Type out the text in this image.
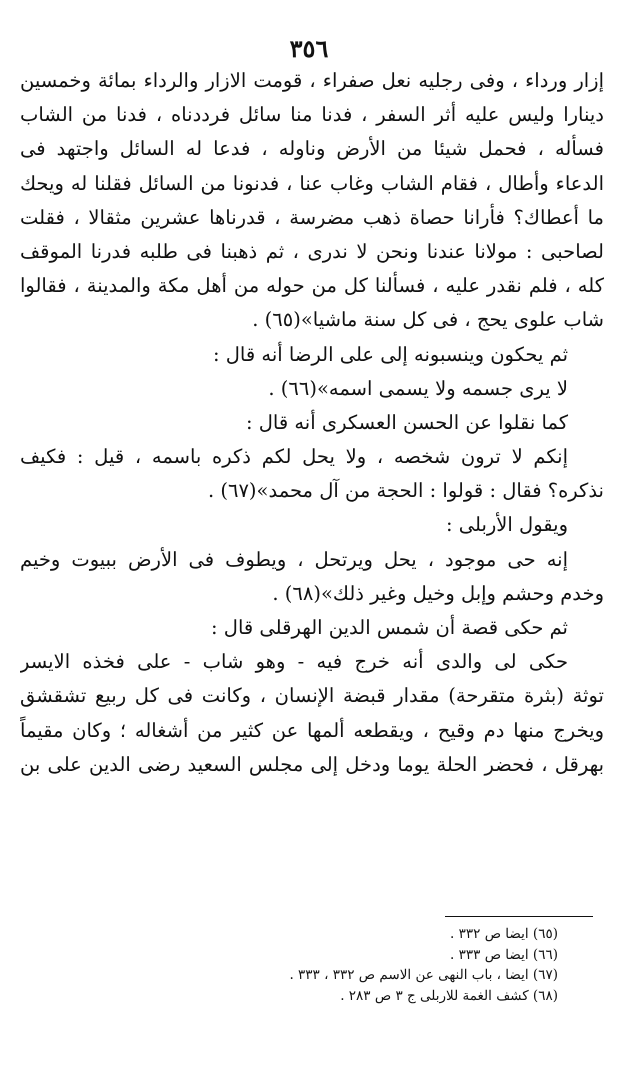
٣٥٦
إزار ورداء ، وفى رجليه نعل صفراء ، قومت الازار والرداء بمائة وخمسين
دينارا وليس عليه أثر السفر ، فدنا منا سائل فرددناه ، فدنا من الشاب
فسأله ، فحمل شيئا من الأرض وناوله ، فدعا له السائل واجتهد فى
الدعاء وأطال ، فقام الشاب وغاب عنا ، فدنونا من السائل فقلنا له ويحك
ما أعطاك؟ فأرانا حصاة ذهب مضرسة ، قدرناها عشرين مثقالا ، فقلت
لصاحبى : مولانا عندنا ونحن لا ندرى ، ثم ذهبنا فى طلبه فدرنا الموقف
كله ، فلم نقدر عليه ، فسألنا كل من حوله من أهل مكة والمدينة ، فقالوا
شاب علوى يحج ، فى كل سنة ماشيا»(٦٥) .
ثم يحكون وينسبونه إلى على الرضا أنه قال :
لا يرى جسمه ولا يسمى اسمه»(٦٦) .
كما نقلوا عن الحسن العسكرى أنه قال :
إنكم لا ترون شخصه ، ولا يحل لكم ذكره باسمه ، قيل : فكيف
نذكره؟ فقال : قولوا : الحجة من آل محمد»(٦٧) .
ويقول الأربلى :
إنه حى موجود ، يحل ويرتحل ، ويطوف فى الأرض ببيوت وخيم
وخدم وحشم وإبل وخيل وغير ذلك»(٦٨) .
ثم حكى قصة أن شمس الدين الهرقلى قال :
حكى لى والدى أنه خرج فيه - وهو شاب - على فخذه الايسر
توثة (بثرة متقرحة) مقدار قبضة الإنسان ، وكانت فى كل ربيع تشقشق
ويخرج منها دم وقيح ، ويقطعه ألمها عن كثير من أشغاله ؛ وكان مقيماً
بهرقل ، فحضر الحلة يوما ودخل إلى مجلس السعيد رضى الدين على بن
(٦٥) ايضا ص ٣٣٢ .
(٦٦) ايضا ص ٣٣٣ .
(٦٧) ايضا ، باب النهى عن الاسم ص ٣٣٢ ، ٣٣٣ .
(٦٨) كشف الغمة للاربلى ج ٣ ص ٢٨٣ .
